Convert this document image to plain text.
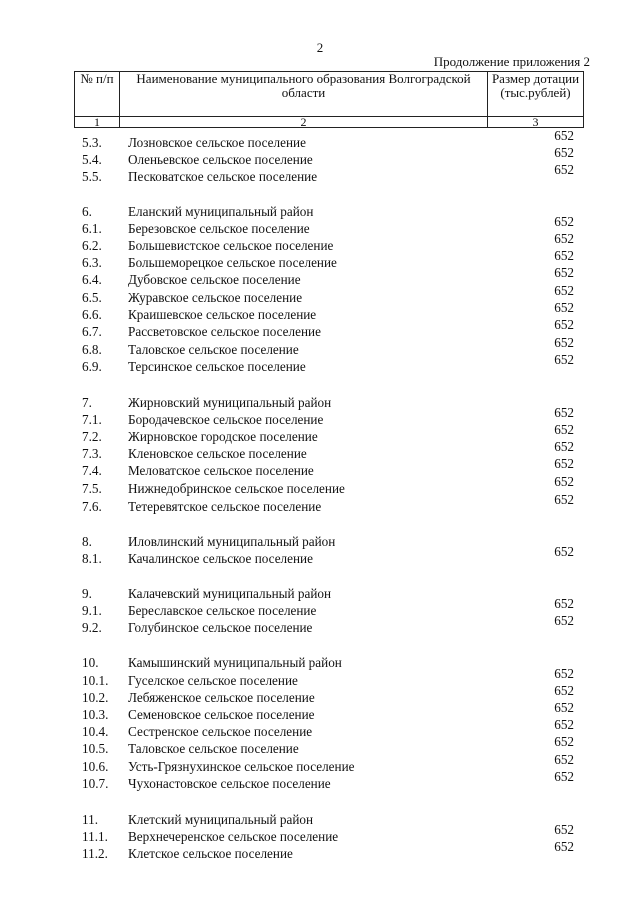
2
Продолжение приложения 2
№ п/п	Наименование муниципального образования Волгоградской области	Размер дотации (тыс.рублей)
1	2	3
5.3. Лозновское сельское поселение	652
5.4. Оленьевское сельское поселение	652
5.5. Песковатское сельское поселение	652
6.	Еланский муниципальный район
6.1. Березовское сельское поселение	652
6.2. Большевистское сельское поселение	652
6.3. Большеморецкое сельское поселение	652
6.4. Дубовское сельское поселение	652
6.5. Журавское сельское поселение	652
6.6. Краишевское сельское поселение	652
6.7. Рассветовское сельское поселение	652
6.8. Таловское сельское поселение	652
6.9. Терсинское сельское поселение	652
7.	Жирновский муниципальный район
7.1. Бородачевское сельское поселение	652
7.2. Жирновское городское поселение	652
7.3. Кленовское сельское поселение	652
7.4. Меловатское сельское поселение	652
7.5. Нижнедобринское сельское поселение	652
7.6. Тетеревятское сельское поселение	652
8.	Иловлинский муниципальный район
8.1. Качалинское сельское поселение	652
9.	Калачевский муниципальный район
9.1. Береславское сельское поселение	652
9.2. Голубинское сельское поселение	652
10. Камышинский муниципальный район
10.1. Гуселское сельское поселение	652
10.2. Лебяженское сельское поселение	652
10.3. Семеновское сельское поселение	652
10.4. Сестренское сельское поселение	652
10.5. Таловское сельское поселение	652
10.6. Усть-Грязнухинское сельское поселение	652
10.7. Чухонастовское сельское поселение	652
11. Клетский муниципальный район
11.1. Верхнечеренское сельское поселение	652
11.2. Клетское сельское поселение	652
